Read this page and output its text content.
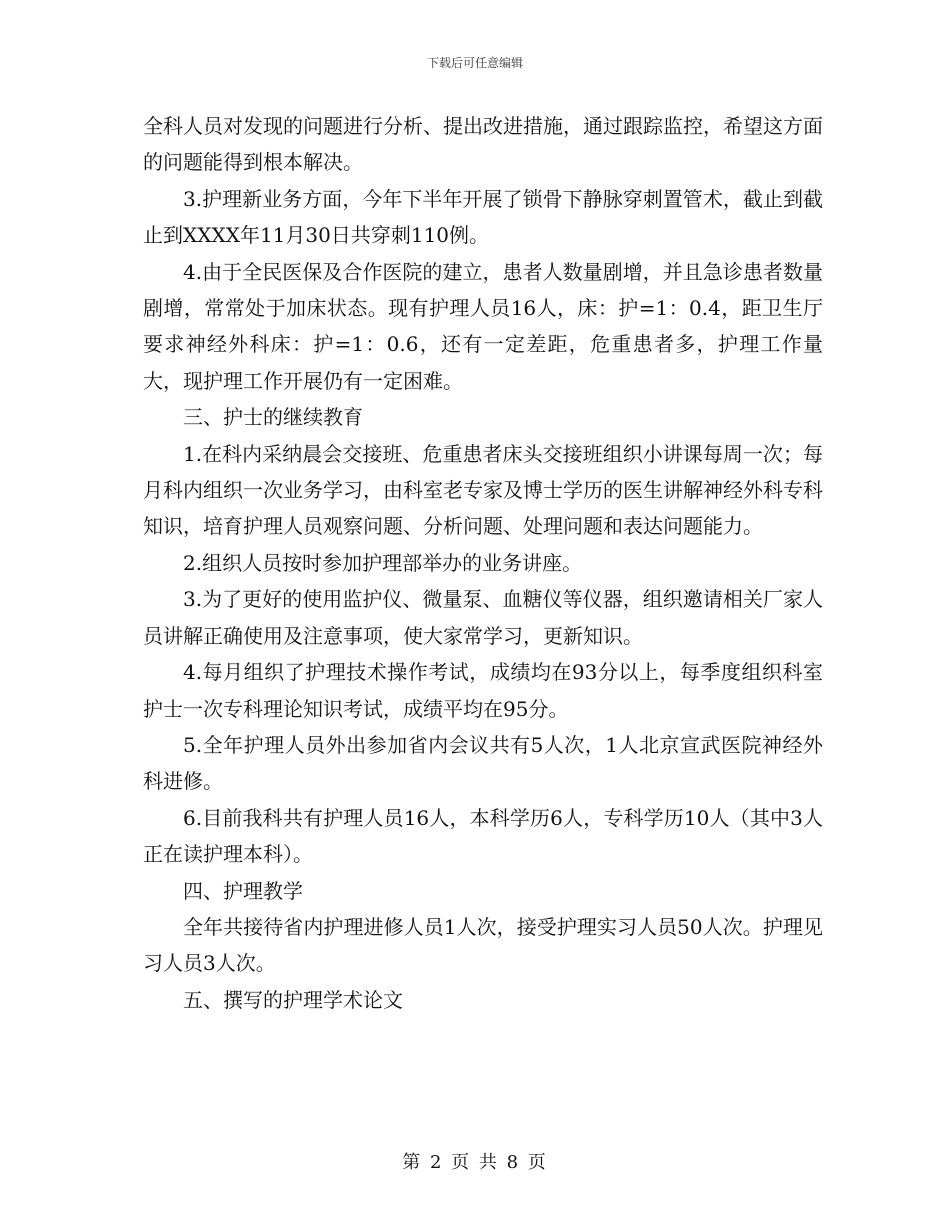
下载后可任意编辑

全科人员对发现的问题进行分析、提出改进措施，通过跟踪监控，希望这方面的问题能得到根本解决。

3.护理新业务方面，今年下半年开展了锁骨下静脉穿刺置管术，截止到截止到XXXX年11月30日共穿刺110例。

4.由于全民医保及合作医院的建立，患者人数量剧增，并且急诊患者数量剧增，常常处于加床状态。现有护理人员16人，床：护=1：0.4，距卫生厅要求神经外科床：护=1：0.6，还有一定差距，危重患者多，护理工作量大，现护理工作开展仍有一定困难。

三、护士的继续教育

1.在科内采纳晨会交接班、危重患者床头交接班组织小讲课每周一次；每月科内组织一次业务学习，由科室老专家及博士学历的医生讲解神经外科专科知识，培育护理人员观察问题、分析问题、处理问题和表达问题能力。

2.组织人员按时参加护理部举办的业务讲座。

3.为了更好的使用监护仪、微量泵、血糖仪等仪器，组织邀请相关厂家人员讲解正确使用及注意事项，使大家常学习，更新知识。

4.每月组织了护理技术操作考试，成绩均在93分以上，每季度组织科室护士一次专科理论知识考试，成绩平均在95分。

5.全年护理人员外出参加省内会议共有5人次，1人北京宣武医院神经外科进修。

6.目前我科共有护理人员16人，本科学历6人，专科学历10人（其中3人正在读护理本科）。

四、护理教学

全年共接待省内护理进修人员1人次，接受护理实习人员50人次。护理见习人员3人次。

五、撰写的护理学术论文

第 2 页 共 8 页
